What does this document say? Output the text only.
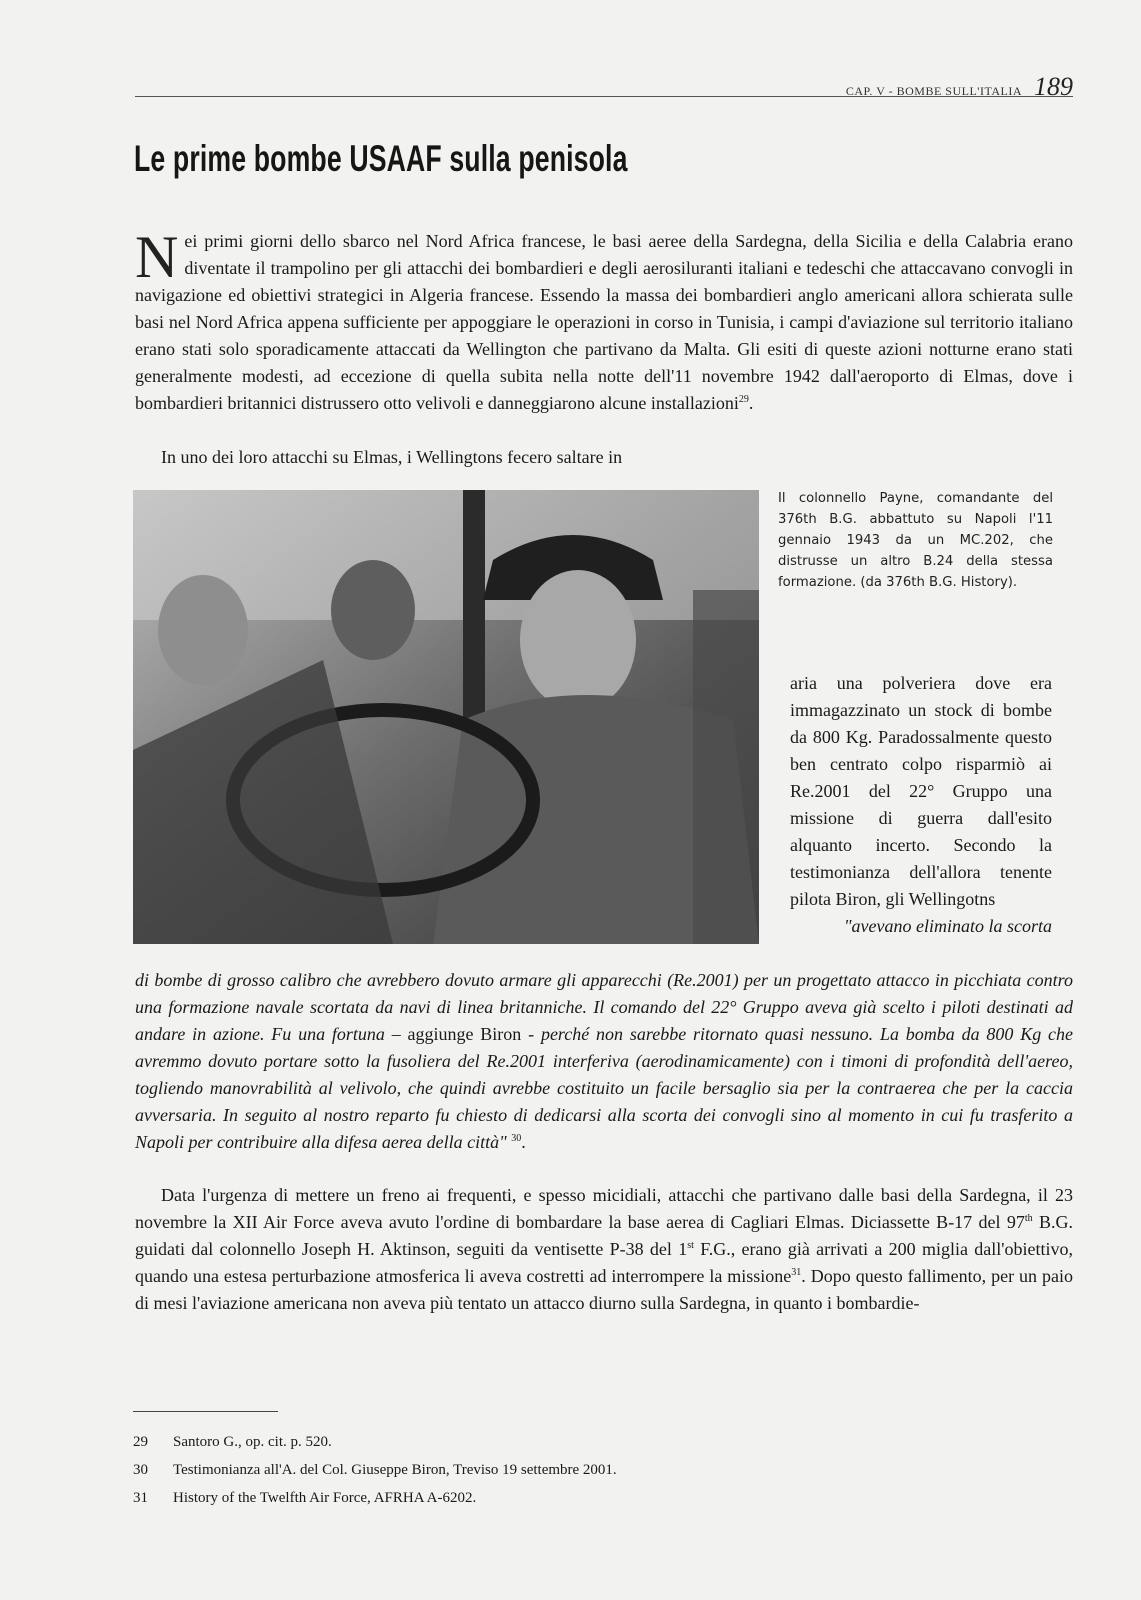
CAP. V - BOMBE SULL'ITALIA 189
Le prime bombe USAAF sulla penisola

Nei primi giorni dello sbarco nel Nord Africa francese, le basi aeree della Sardegna, della Sicilia e della Calabria erano diventate il trampolino per gli attacchi dei bombardieri e degli aerosiluranti italiani e tedeschi che attaccavano convogli in navigazione ed obiettivi strategici in Algeria francese. Essendo la massa dei bombardieri anglo americani allora schierata sulle basi nel Nord Africa appena sufficiente per appoggiare le operazioni in corso in Tunisia, i campi d'aviazione sul territorio italiano erano stati solo sporadicamente attaccati da Wellington che partivano da Malta. Gli esiti di queste azioni notturne erano stati generalmente modesti, ad eccezione di quella subita nella notte dell'11 novembre 1942 dall'aeroporto di Elmas, dove i bombardieri britannici distrussero otto velivoli e danneggiarono alcune installazioni$^{29}$.

In uno dei loro attacchi su Elmas, i Wellingtons fecero saltare in

Il colonnello Payne, comandante del 376th B.G. abbattuto su Napoli l'11 gennaio 1943 da un MC.202, che distrusse un altro B.24 della stessa formazione. (da 376th B.G. History).

aria una polveriera dove era immagazzinato un stock di bombe da 800 Kg. Paradossalmente questo ben centrato colpo risparmiò ai Re.2001 del 22° Gruppo una missione di guerra dall'esito alquanto incerto. Secondo la testimonianza dell'allora tenente pilota Biron, gli Wellingotns
"avevano eliminato la scorta

di bombe di grosso calibro che avrebbero dovuto armare gli apparecchi (Re.2001) per un progettato attacco in picchiata contro una formazione navale scortata da navi di linea britanniche. Il comando del 22° Gruppo aveva già scelto i piloti destinati ad andare in azione. Fu una fortuna – aggiunge Biron - perché non sarebbe ritornato quasi nessuno. La bomba da 800 Kg che avremmo dovuto portare sotto la fusoliera del Re.2001 interferiva (aerodinamicamente) con i timoni di profondità dell'aereo, togliendo manovrabilità al velivolo, che quindi avrebbe costituito un facile bersaglio sia per la contraerea che per la caccia avversaria. In seguito al nostro reparto fu chiesto di dedicarsi alla scorta dei convogli sino al momento in cui fu trasferito a Napoli per contribuire alla difesa aerea della città" $^{30}$.

Data l'urgenza di mettere un freno ai frequenti, e spesso micidiali, attacchi che partivano dalle basi della Sardegna, il 23 novembre la XII Air Force aveva avuto l'ordine di bombardare la base aerea di Cagliari Elmas. Diciassette B-17 del 97th B.G. guidati dal colonnello Joseph H. Aktinson, seguiti da ventisette P-38 del 1st F.G., erano già arrivati a 200 miglia dall'obiettivo, quando una estesa perturbazione atmosferica li aveva costretti ad interrompere la missione$^{31}$. Dopo questo fallimento, per un paio di mesi l'aviazione americana non aveva più tentato un attacco diurno sulla Sardegna, in quanto i bombardie-

29 Santoro G., op. cit. p. 520.
30 Testimonianza all'A. del Col. Giuseppe Biron, Treviso 19 settembre 2001.
31 History of the Twelfth Air Force, AFRHA A-6202.
